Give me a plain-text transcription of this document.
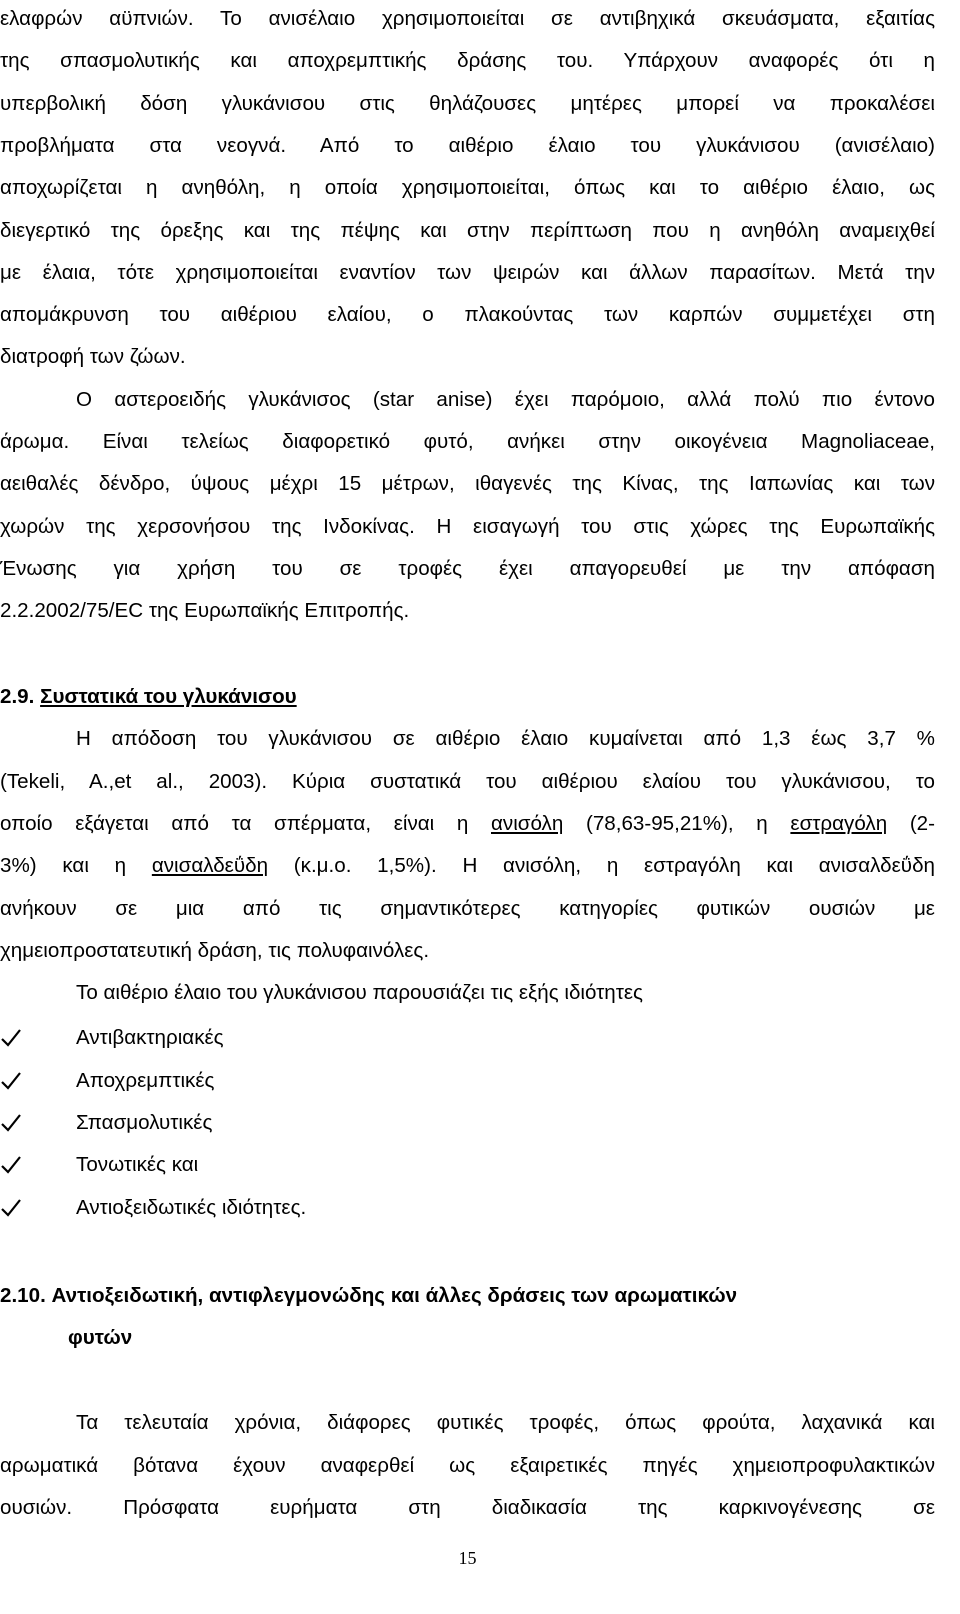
ελαφρών αϋπνιών. Το ανισέλαιο χρησιμοποιείται σε αντιβηχικά σκευάσματα, εξαιτίας
της σπασμολυτικής και αποχρεμπτικής δράσης του. Υπάρχουν αναφορές ότι η
υπερβολική δόση γλυκάνισου στις θηλάζουσες μητέρες μπορεί να προκαλέσει
προβλήματα στα νεογνά. Από το αιθέριο έλαιο του γλυκάνισου (ανισέλαιο)
αποχωρίζεται η ανηθόλη, η οποία χρησιμοποιείται, όπως και το αιθέριο έλαιο, ως
διεγερτικό της όρεξης και της πέψης και στην περίπτωση που η ανηθόλη αναμειχθεί
με έλαια, τότε χρησιμοποιείται εναντίον των ψειρών και άλλων παρασίτων. Μετά την
απομάκρυνση του αιθέριου ελαίου, ο πλακούντας των καρπών συμμετέχει στη
διατροφή των ζώων.
Ο αστεροειδής γλυκάνισος (star anise) έχει παρόμοιο, αλλά πολύ πιο έντονο
άρωμα. Είναι τελείως διαφορετικό φυτό, ανήκει στην οικογένεια Magnoliaceae,
αειθαλές δένδρο, ύψους μέχρι 15 μέτρων, ιθαγενές της Κίνας, της Ιαπωνίας και των
χωρών της χερσονήσου της Ινδοκίνας. Η εισαγωγή του στις χώρες της Ευρωπαϊκής
Ένωσης για χρήση του σε τροφές έχει απαγορευθεί με την απόφαση
2.2.2002/75/EC της Ευρωπαϊκής Επιτροπής.
2.9. Συστατικά του γλυκάνισου
Η απόδοση του γλυκάνισου σε αιθέριο έλαιο κυμαίνεται από 1,3 έως 3,7 %
(Tekeli, A.,et al., 2003). Κύρια συστατικά του αιθέριου ελαίου του γλυκάνισου, το
οποίο εξάγεται από τα σπέρματα, είναι η ανισόλη (78,63-95,21%), η εστραγόλη (2-
3%) και η ανισαλδεΰδη (κ.μ.ο. 1,5%). Η ανισόλη, η εστραγόλη και ανισαλδεΰδη
ανήκουν σε μια από τις σημαντικότερες κατηγορίες φυτικών ουσιών με
χημειοπροστατευτική δράση, τις πολυφαινόλες.
Το αιθέριο έλαιο του γλυκάνισου παρουσιάζει τις εξής ιδιότητες
Αντιβακτηριακές
Αποχρεμπτικές
Σπασμολυτικές
Τονωτικές και
Αντιοξειδωτικές ιδιότητες.
2.10. Αντιοξειδωτική, αντιφλεγμονώδης και άλλες δράσεις των αρωματικών
φυτών
Τα τελευταία χρόνια, διάφορες φυτικές τροφές, όπως φρούτα, λαχανικά και
αρωματικά βότανα έχουν αναφερθεί ως εξαιρετικές πηγές χημειοπροφυλακτικών
ουσιών. Πρόσφατα ευρήματα στη διαδικασία της καρκινογένεσης σε
15
